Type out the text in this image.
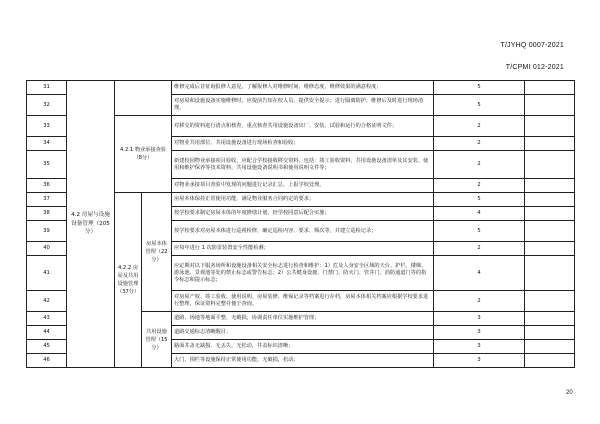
T/JYHQ 0007-2021
T/CPMI 012-2021
31	4.2 房屋与设施设备管理（205分）			维修完成后首征询报修人意见，了解报修人对维修时间、维修态度、维修效果的满意程度；	5	
32				对房屋和设施设备实施维修时，应提前告知在校人员，提供安全提示；进行隔离防护，维修后及时进行现场清理。	5	
33		4.2.1 物业承接查验（8分）		对移交的资料进行清点和核查，重点核查共用设施设备出厂、安装、试验和运行的合格证明文件；	2	
34				对物业共用部位、共用设施设备进行现场检查和验收；	2	
35				新建校园物业承接项目验收，应配合学校接收移交资料，包括：竣工验收资料，共用设施设备清单及其安装、使用和维护保养等技术资料，共用设施设备说明书和使用说明文件等；	2	
36				对物业承接项目查验中发现的问题进行记录汇总，上报学校处理。	2	
37		4.2.2 房屋及共用设施管理（37分）	房屋本体管理（22分）	房屋本体保持正常使用功能，满足物业服务合同约定的要求；	5	
38				按学校要求制定房屋本体的年度修缮计划，经学校同意后配合实施；	4	
39				按学校要求对房屋本体进行巡视检修，确定巡检内容、要求、频次等，并建立巡检记录；	5	
40				应每年进行 1 次防雷装置安全性能检测；	2	
41				应定期对以下服务场所和设施设备相关安全标志进行检查和维护：1）危及人身安全区域的天台、护栏、楼梯、游泳池、景观池等处的禁止标志或警告标志；2）公共健身设施、门禁门、防火门、管井门、消防通道门等的指令标志和提示标志；	4	
42				对房屋产权、竣工验收、使用说明、房屋装修、维保记录等档案进行存档，房屋本体相关档案应根据学校要求进行整理，保证资料完整并便于查询。	2	
43			共用设施管理（15分）	道路、场地等地面平整、无破损，协调责任单位实施维护管理；	3	
44				道路交通标志清晰醒目；	3	
45				路面井盖无缺损、无丢失，无松动，井盖标识清晰；	3	
46				大门、围栏等设施保持正常使用功能，无破损，松动；	3	
20
